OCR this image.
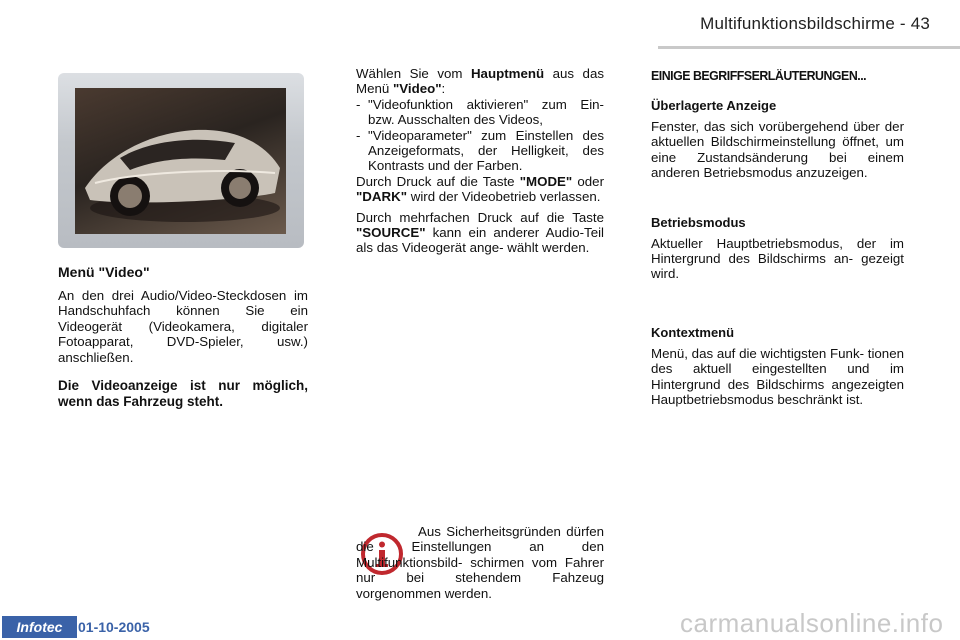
Multifunktionsbildschirme - 43
Menü "Video"

An den drei Audio/Video-Steckdosen im Handschuhfach können Sie ein Videogerät (Videokamera, digitaler Fotoapparat, DVD-Spieler, usw.) anschließen.

Die Videoanzeige ist nur möglich, wenn das Fahrzeug steht.

Wählen Sie vom Hauptmenü aus das Menü "Video":

- "Videofunktion aktivieren" zum Ein- bzw. Ausschalten des Videos,
- "Videoparameter" zum Einstellen des Anzeigeformats, der Helligkeit, des Kontrasts und der Farben.

Durch Druck auf die Taste "MODE" oder "DARK" wird der Videobetrieb verlassen.

Durch mehrfachen Druck auf die Taste "SOURCE" kann ein anderer Audio-Teil als das Videogerät ange- wählt werden.

Aus Sicherheitsgründen dürfen die Einstellungen an den Multifunktionsbild- schirmen vom Fahrer nur bei stehendem Fahzeug vorgenommen werden.

EINIGE BEGRIFFSERLÄUTERUNGEN...

Überlagerte Anzeige

Fenster, das sich vorübergehend über der aktuellen Bildschirmeinstellung öffnet, um eine Zustandsänderung bei einem anderen Betriebsmodus anzuzeigen.

Betriebsmodus

Aktueller Hauptbetriebsmodus, der im Hintergrund des Bildschirms an- gezeigt wird.

Kontextmenü

Menü, das auf die wichtigsten Funk- tionen des aktuell eingestellten und im Hintergrund des Bildschirms angezeigten Hauptbetriebsmodus beschränkt ist.

Infotec	01-10-2005	carmanualsonline.info
